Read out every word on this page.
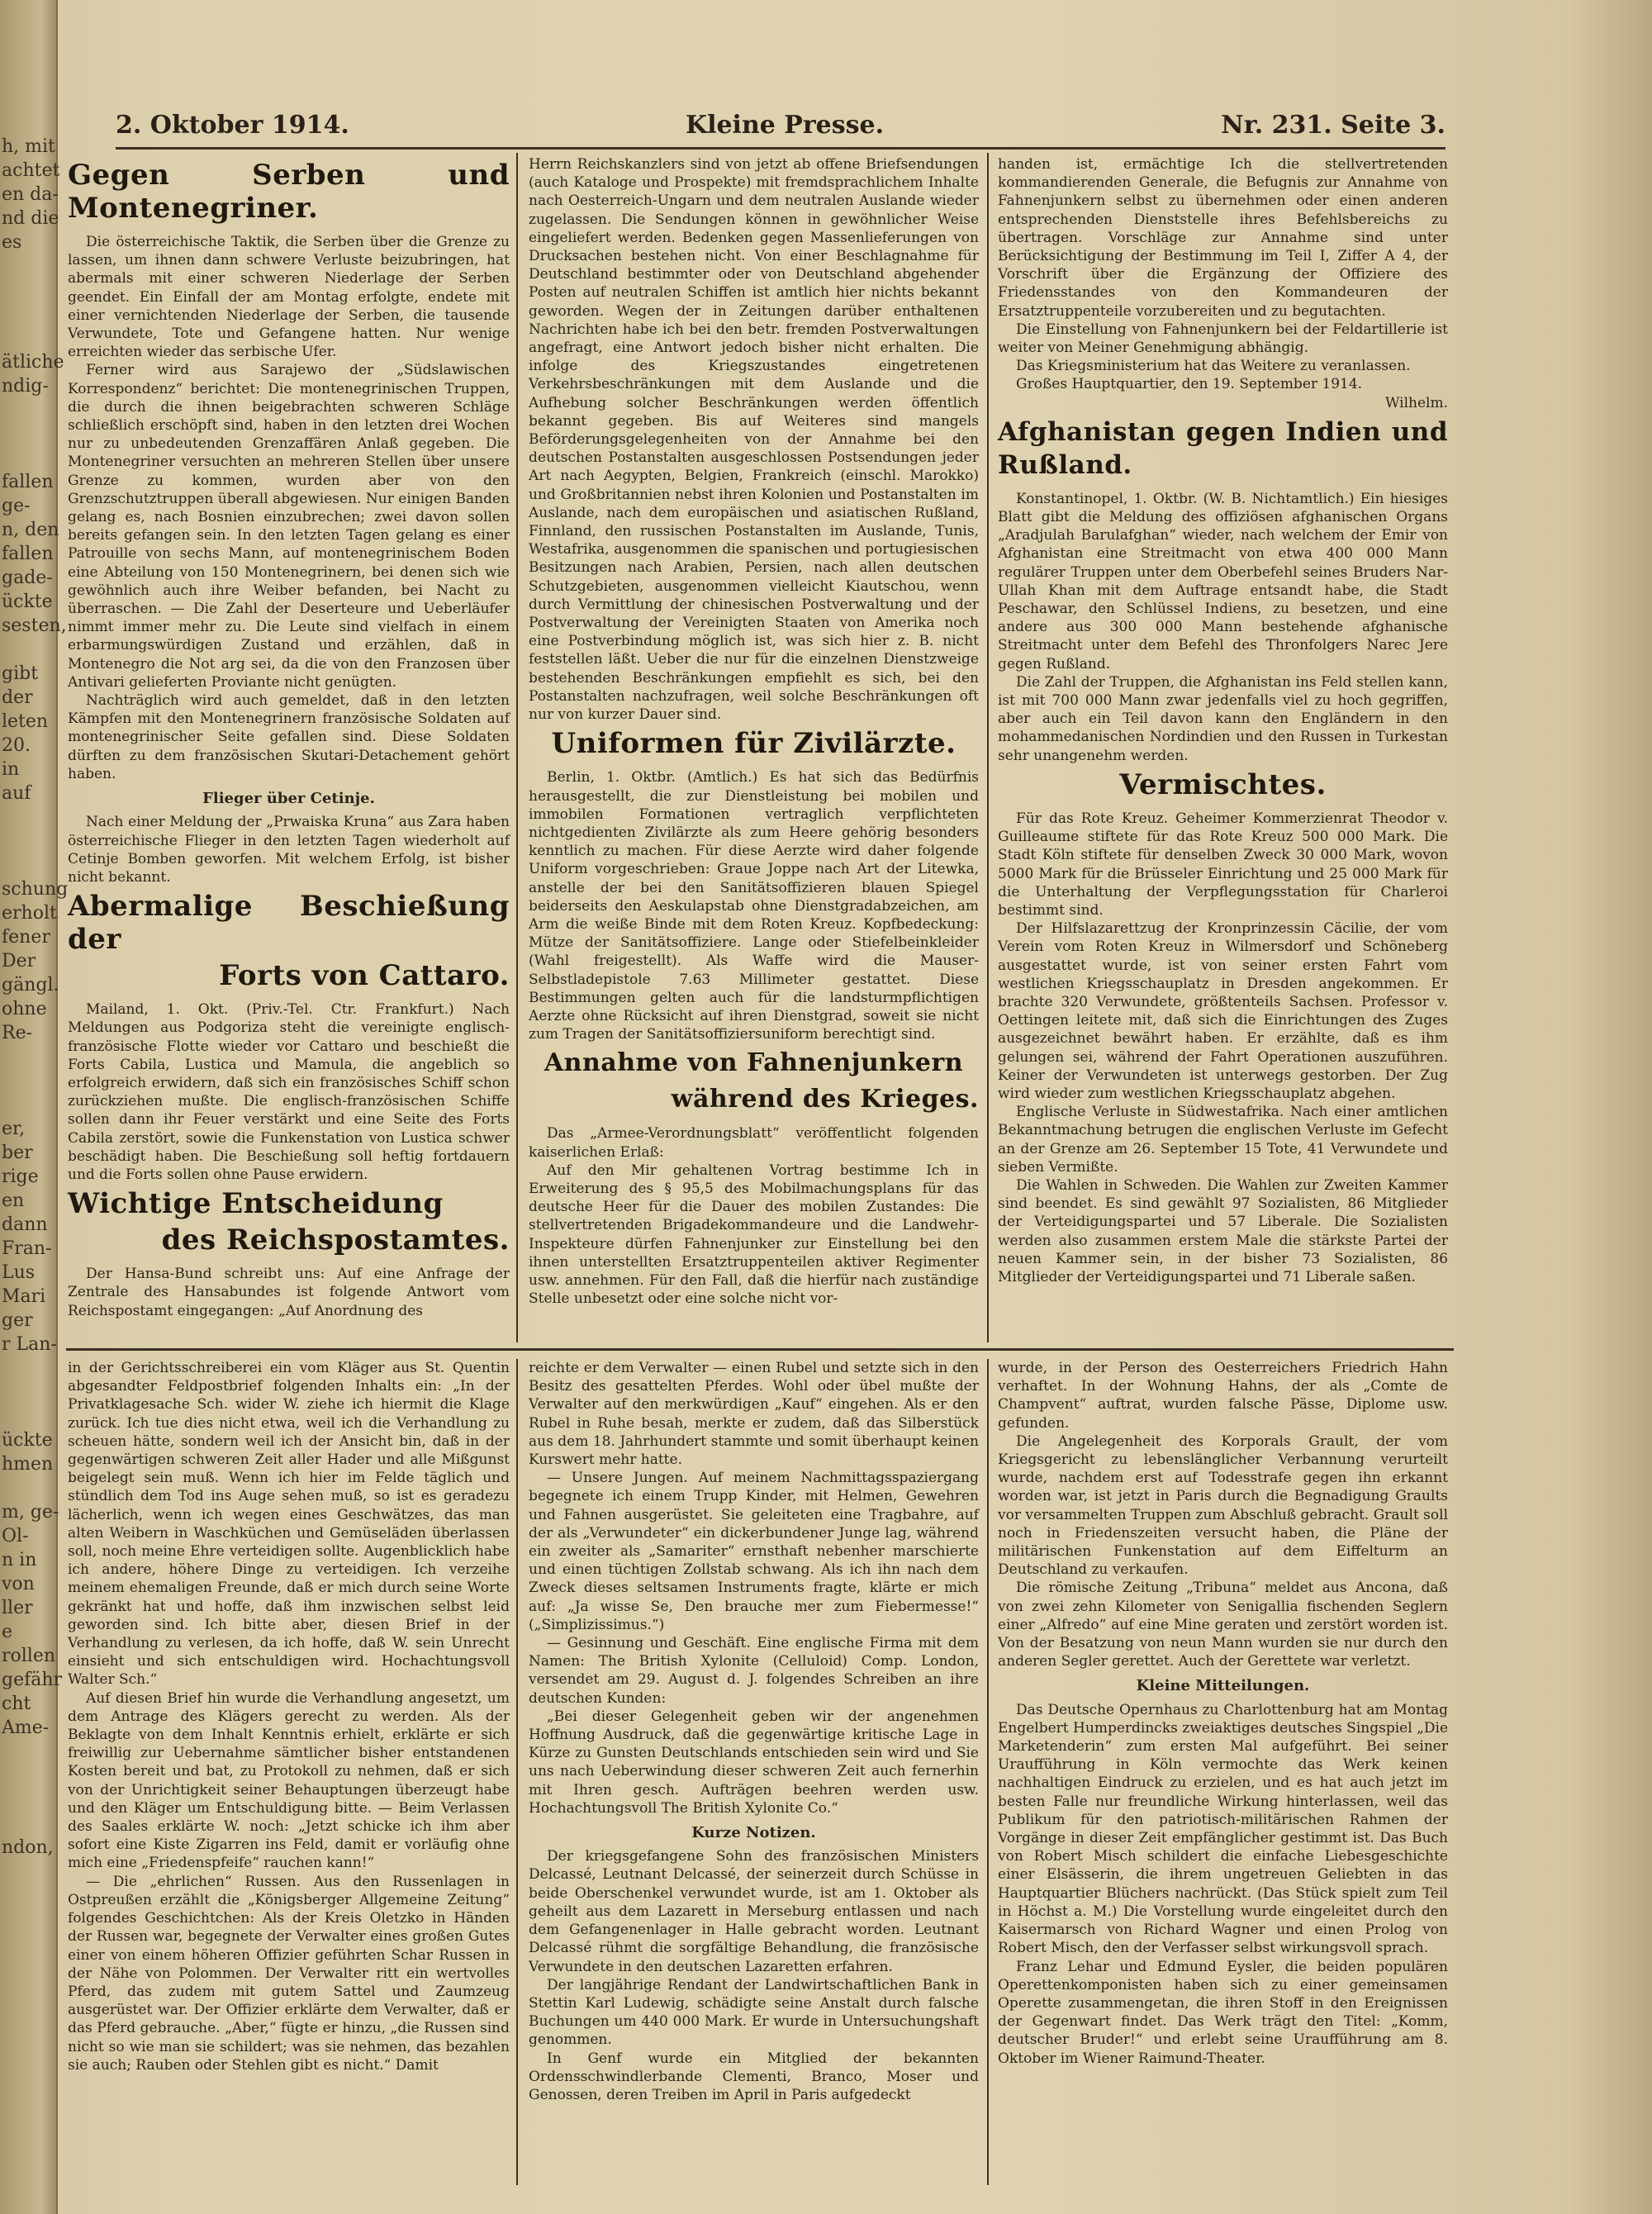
h, mit
achtet
en da-
nd die
es
ätliche
ndig-
fallen
ge-
n, den
fallen
gade-
ückte
sesten,
gibt
der
leten
20.
in
auf
schung
erholt
fener
Der
gängl.
ohne
Re-
er,
ber
rige
en
dann
Fran-
Lus
Mari
ger
r Lan-
ückte
hmen
m, ge-
Ol-
n in
von
ller
e
rollen
gefähr
cht
Ame-
ndon,
2. Oktober 1914.	Kleine Presse.	Nr. 231. Seite 3.
Gegen Serben und Montenegriner.

Die österreichische Taktik, die Serben über die Grenze zu lassen, um ihnen dann schwere Verluste beizubringen, hat abermals mit einer schweren Niederlage der Serben geendet. Ein Einfall der am Montag erfolgte, endete mit einer vernichtenden Niederlage der Serben, die tausende Verwundete, Tote und Gefangene hatten. Nur wenige erreichten wieder das serbische Ufer.

Ferner wird aus Sarajewo der „Südslawischen Korrespondenz“ berichtet: Die montenegrinischen Truppen, die durch die ihnen beigebrachten schweren Schläge schließlich erschöpft sind, haben in den letzten drei Wochen nur zu unbedeutenden Grenzaffären Anlaß gegeben. Die Montenegriner versuchten an mehreren Stellen über unsere Grenze zu kommen, wurden aber von den Grenzschutztruppen überall abgewiesen. Nur einigen Banden gelang es, nach Bosnien einzubrechen; zwei davon sollen bereits gefangen sein. In den letzten Tagen gelang es einer Patrouille von sechs Mann, auf montenegrinischem Boden eine Abteilung von 150 Montenegrinern, bei denen sich wie gewöhnlich auch ihre Weiber befanden, bei Nacht zu überraschen. — Die Zahl der Deserteure und Ueberläufer nimmt immer mehr zu. Die Leute sind vielfach in einem erbarmungswürdigen Zustand und erzählen, daß in Montenegro die Not arg sei, da die von den Franzosen über Antivari gelieferten Proviante nicht genügten.

Nachträglich wird auch gemeldet, daß in den letzten Kämpfen mit den Montenegrinern französische Soldaten auf montenegrinischer Seite gefallen sind. Diese Soldaten dürften zu dem französischen Skutari-Detachement gehört haben.

Flieger über Cetinje.

Nach einer Meldung der „Prwaiska Kruna“ aus Zara haben österreichische Flieger in den letzten Tagen wiederholt auf Cetinje Bomben geworfen. Mit welchem Erfolg, ist bisher nicht bekannt.

Abermalige Beschießung der
Forts von Cattaro.

Mailand, 1. Okt. (Priv.-Tel. Ctr. Frankfurt.) Nach Meldungen aus Podgoriza steht die vereinigte englisch-französische Flotte wieder vor Cattaro und beschießt die Forts Cabila, Lustica und Mamula, die angeblich so erfolgreich erwidern, daß sich ein französisches Schiff schon zurückziehen mußte. Die englisch-französischen Schiffe sollen dann ihr Feuer verstärkt und eine Seite des Forts Cabila zerstört, sowie die Funkenstation von Lustica schwer beschädigt haben. Die Beschießung soll heftig fortdauern und die Forts sollen ohne Pause erwidern.

Wichtige Entscheidung
des Reichspostamtes.

Der Hansa-Bund schreibt uns: Auf eine Anfrage der Zentrale des Hansabundes ist folgende Antwort vom Reichspostamt eingegangen: „Auf Anordnung des

Herrn Reichskanzlers sind von jetzt ab offene Briefsendungen (auch Kataloge und Prospekte) mit fremdsprachlichem Inhalte nach Oesterreich-Ungarn und dem neutralen Auslande wieder zugelassen. Die Sendungen können in gewöhnlicher Weise eingeliefert werden. Bedenken gegen Massenlieferungen von Drucksachen bestehen nicht. Von einer Beschlagnahme für Deutschland bestimmter oder von Deutschland abgehender Posten auf neutralen Schiffen ist amtlich hier nichts bekannt geworden. Wegen der in Zeitungen darüber enthaltenen Nachrichten habe ich bei den betr. fremden Postverwaltungen angefragt, eine Antwort jedoch bisher nicht erhalten. Die infolge des Kriegszustandes eingetretenen Verkehrsbeschränkungen mit dem Auslande und die Aufhebung solcher Beschränkungen werden öffentlich bekannt gegeben. Bis auf Weiteres sind mangels Beförderungsgelegenheiten von der Annahme bei den deutschen Postanstalten ausgeschlossen Postsendungen jeder Art nach Aegypten, Belgien, Frankreich (einschl. Marokko) und Großbritannien nebst ihren Kolonien und Postanstalten im Auslande, nach dem europäischen und asiatischen Rußland, Finnland, den russischen Postanstalten im Auslande, Tunis, Westafrika, ausgenommen die spanischen und portugiesischen Besitzungen nach Arabien, Persien, nach allen deutschen Schutzgebieten, ausgenommen vielleicht Kiautschou, wenn durch Vermittlung der chinesischen Postverwaltung und der Postverwaltung der Vereinigten Staaten von Amerika noch eine Postverbindung möglich ist, was sich hier z. B. nicht feststellen läßt. Ueber die nur für die einzelnen Dienstzweige bestehenden Beschränkungen empfiehlt es sich, bei den Postanstalten nachzufragen, weil solche Beschränkungen oft nur von kurzer Dauer sind.

Uniformen für Zivilärzte.

Berlin, 1. Oktbr. (Amtlich.) Es hat sich das Bedürfnis herausgestellt, die zur Dienstleistung bei mobilen und immobilen Formationen vertraglich verpflichteten nichtgedienten Zivilärzte als zum Heere gehörig besonders kenntlich zu machen. Für diese Aerzte wird daher folgende Uniform vorgeschrieben: Graue Joppe nach Art der Litewka, anstelle der bei den Sanitätsoffizieren blauen Spiegel beiderseits den Aeskulapstab ohne Dienstgradabzeichen, am Arm die weiße Binde mit dem Roten Kreuz. Kopfbedeckung: Mütze der Sanitätsoffiziere. Lange oder Stiefelbeinkleider (Wahl freigestellt). Als Waffe wird die Mauser-Selbstladepistole 7.63 Millimeter gestattet. Diese Bestimmungen gelten auch für die landsturmpflichtigen Aerzte ohne Rücksicht auf ihren Dienstgrad, soweit sie nicht zum Tragen der Sanitätsoffiziersuniform berechtigt sind.

Annahme von Fahnenjunkern
während des Krieges.

Das „Armee-Verordnungsblatt“ veröffentlicht folgenden kaiserlichen Erlaß:

Auf den Mir gehaltenen Vortrag bestimme Ich in Erweiterung des § 95,5 des Mobilmachungsplans für das deutsche Heer für die Dauer des mobilen Zustandes: Die stellvertretenden Brigadekommandeure und die Landwehr-Inspekteure dürfen Fahnenjunker zur Einstellung bei den ihnen unterstellten Ersatztruppenteilen aktiver Regimenter usw. annehmen. Für den Fall, daß die hierfür nach zuständige Stelle unbesetzt oder eine solche nicht vor-

handen ist, ermächtige Ich die stellvertretenden kommandierenden Generale, die Befugnis zur Annahme von Fahnenjunkern selbst zu übernehmen oder einen anderen entsprechenden Dienststelle ihres Befehlsbereichs zu übertragen. Vorschläge zur Annahme sind unter Berücksichtigung der Bestimmung im Teil I, Ziffer A 4, der Vorschrift über die Ergänzung der Offiziere des Friedensstandes von den Kommandeuren der Ersatztruppenteile vorzubereiten und zu begutachten.

Die Einstellung von Fahnenjunkern bei der Feldartillerie ist weiter von Meiner Genehmigung abhängig.

Das Kriegsministerium hat das Weitere zu veranlassen.

Großes Hauptquartier, den 19. September 1914.

Wilhelm.
Afghanistan gegen Indien und Rußland.

Konstantinopel, 1. Oktbr. (W. B. Nichtamtlich.) Ein hiesiges Blatt gibt die Meldung des offiziösen afghanischen Organs „Aradjulah Barulafghan“ wieder, nach welchem der Emir von Afghanistan eine Streitmacht von etwa 400 000 Mann regulärer Truppen unter dem Oberbefehl seines Bruders Nar-Ullah Khan mit dem Auftrage entsandt habe, die Stadt Peschawar, den Schlüssel Indiens, zu besetzen, und eine andere aus 300 000 Mann bestehende afghanische Streitmacht unter dem Befehl des Thronfolgers Narec Jere gegen Rußland.

Die Zahl der Truppen, die Afghanistan ins Feld stellen kann, ist mit 700 000 Mann zwar jedenfalls viel zu hoch gegriffen, aber auch ein Teil davon kann den Engländern in den mohammedanischen Nordindien und den Russen in Turkestan sehr unangenehm werden.

Vermischtes.

Für das Rote Kreuz. Geheimer Kommerzienrat Theodor v. Guilleaume stiftete für das Rote Kreuz 500 000 Mark. Die Stadt Köln stiftete für denselben Zweck 30 000 Mark, wovon 5000 Mark für die Brüsseler Einrichtung und 25 000 Mark für die Unterhaltung der Verpflegungsstation für Charleroi bestimmt sind.

Der Hilfslazarettzug der Kronprinzessin Cäcilie, der vom Verein vom Roten Kreuz in Wilmersdorf und Schöneberg ausgestattet wurde, ist von seiner ersten Fahrt vom westlichen Kriegsschauplatz in Dresden angekommen. Er brachte 320 Verwundete, größtenteils Sachsen. Professor v. Oettingen leitete mit, daß sich die Einrichtungen des Zuges ausgezeichnet bewährt haben. Er erzählte, daß es ihm gelungen sei, während der Fahrt Operationen auszuführen. Keiner der Verwundeten ist unterwegs gestorben. Der Zug wird wieder zum westlichen Kriegsschauplatz abgehen.

Englische Verluste in Südwestafrika. Nach einer amtlichen Bekanntmachung betrugen die englischen Verluste im Gefecht an der Grenze am 26. September 15 Tote, 41 Verwundete und sieben Vermißte.

Die Wahlen in Schweden. Die Wahlen zur Zweiten Kammer sind beendet. Es sind gewählt 97 Sozialisten, 86 Mitglieder der Verteidigungspartei und 57 Liberale. Die Sozialisten werden also zusammen erstem Male die stärkste Partei der neuen Kammer sein, in der bisher 73 Sozialisten, 86 Mitglieder der Verteidigungspartei und 71 Liberale saßen.

in der Gerichtsschreiberei ein vom Kläger aus St. Quentin abgesandter Feldpostbrief folgenden Inhalts ein: „In der Privatklagesache Sch. wider W. ziehe ich hiermit die Klage zurück. Ich tue dies nicht etwa, weil ich die Verhandlung zu scheuen hätte, sondern weil ich der Ansicht bin, daß in der gegenwärtigen schweren Zeit aller Hader und alle Mißgunst beigelegt sein muß. Wenn ich hier im Felde täglich und stündlich dem Tod ins Auge sehen muß, so ist es geradezu lächerlich, wenn ich wegen eines Geschwätzes, das man alten Weibern in Waschküchen und Gemüseläden überlassen soll, noch meine Ehre verteidigen sollte. Augenblicklich habe ich andere, höhere Dinge zu verteidigen. Ich verzeihe meinem ehemaligen Freunde, daß er mich durch seine Worte gekränkt hat und hoffe, daß ihm inzwischen selbst leid geworden sind. Ich bitte aber, diesen Brief in der Verhandlung zu verlesen, da ich hoffe, daß W. sein Unrecht einsieht und sich entschuldigen wird. Hochachtungsvoll Walter Sch.“

Auf diesen Brief hin wurde die Verhandlung angesetzt, um dem Antrage des Klägers gerecht zu werden. Als der Beklagte von dem Inhalt Kenntnis erhielt, erklärte er sich freiwillig zur Uebernahme sämtlicher bisher entstandenen Kosten bereit und bat, zu Protokoll zu nehmen, daß er sich von der Unrichtigkeit seiner Behauptungen überzeugt habe und den Kläger um Entschuldigung bitte. — Beim Verlassen des Saales erklärte W. noch: „Jetzt schicke ich ihm aber sofort eine Kiste Zigarren ins Feld, damit er vorläufig ohne mich eine „Friedenspfeife“ rauchen kann!“

— Die „ehrlichen“ Russen. Aus den Russenlagen in Ostpreußen erzählt die „Königsberger Allgemeine Zeitung“ folgendes Geschichtchen: Als der Kreis Oletzko in Händen der Russen war, begegnete der Verwalter eines großen Gutes einer von einem höheren Offizier geführten Schar Russen in der Nähe von Polommen. Der Verwalter ritt ein wertvolles Pferd, das zudem mit gutem Sattel und Zaumzeug ausgerüstet war. Der Offizier erklärte dem Verwalter, daß er das Pferd gebrauche. „Aber,“ fügte er hinzu, „die Russen sind nicht so wie man sie schildert; was sie nehmen, das bezahlen sie auch; Rauben oder Stehlen gibt es nicht.“ Damit

reichte er dem Verwalter — einen Rubel und setzte sich in den Besitz des gesattelten Pferdes. Wohl oder übel mußte der Verwalter auf den merkwürdigen „Kauf“ eingehen. Als er den Rubel in Ruhe besah, merkte er zudem, daß das Silberstück aus dem 18. Jahrhundert stammte und somit überhaupt keinen Kurswert mehr hatte.

— Unsere Jungen. Auf meinem Nachmittagsspaziergang begegnete ich einem Trupp Kinder, mit Helmen, Gewehren und Fahnen ausgerüstet. Sie geleiteten eine Tragbahre, auf der als „Verwundeter“ ein dickerbundener Junge lag, während ein zweiter als „Samariter“ ernsthaft nebenher marschierte und einen tüchtigen Zollstab schwang. Als ich ihn nach dem Zweck dieses seltsamen Instruments fragte, klärte er mich auf: „Ja wisse Se, Den brauche mer zum Fiebermesse!“ („Simplizissimus.“)

— Gesinnung und Geschäft. Eine englische Firma mit dem Namen: The British Xylonite (Celluloid) Comp. London, versendet am 29. August d. J. folgendes Schreiben an ihre deutschen Kunden:

„Bei dieser Gelegenheit geben wir der angenehmen Hoffnung Ausdruck, daß die gegenwärtige kritische Lage in Kürze zu Gunsten Deutschlands entschieden sein wird und Sie uns nach Ueberwindung dieser schweren Zeit auch fernerhin mit Ihren gesch. Aufträgen beehren werden usw. Hochachtungsvoll The British Xylonite Co.“

Kurze Notizen.

Der kriegsgefangene Sohn des französischen Ministers Delcassé, Leutnant Delcassé, der seinerzeit durch Schüsse in beide Oberschenkel verwundet wurde, ist am 1. Oktober als geheilt aus dem Lazarett in Merseburg entlassen und nach dem Gefangenenlager in Halle gebracht worden. Leutnant Delcassé rühmt die sorgfältige Behandlung, die französische Verwundete in den deutschen Lazaretten erfahren.

Der langjährige Rendant der Landwirtschaftlichen Bank in Stettin Karl Ludewig, schädigte seine Anstalt durch falsche Buchungen um 440 000 Mark. Er wurde in Untersuchungshaft genommen.

In Genf wurde ein Mitglied der bekannten Ordensschwindlerbande Clementi, Branco, Moser und Genossen, deren Treiben im April in Paris aufgedeckt

wurde, in der Person des Oesterreichers Friedrich Hahn verhaftet. In der Wohnung Hahns, der als „Comte de Champvent“ auftrat, wurden falsche Pässe, Diplome usw. gefunden.

Die Angelegenheit des Korporals Grault, der vom Kriegsgericht zu lebenslänglicher Verbannung verurteilt wurde, nachdem erst auf Todesstrafe gegen ihn erkannt worden war, ist jetzt in Paris durch die Begnadigung Graults vor versammelten Truppen zum Abschluß gebracht. Grault soll noch in Friedenszeiten versucht haben, die Pläne der militärischen Funkenstation auf dem Eiffelturm an Deutschland zu verkaufen.

Die römische Zeitung „Tribuna“ meldet aus Ancona, daß von zwei zehn Kilometer von Senigallia fischenden Seglern einer „Alfredo“ auf eine Mine geraten und zerstört worden ist. Von der Besatzung von neun Mann wurden sie nur durch den anderen Segler gerettet. Auch der Gerettete war verletzt.

Kleine Mitteilungen.

Das Deutsche Opernhaus zu Charlottenburg hat am Montag Engelbert Humperdincks zweiaktiges deutsches Singspiel „Die Marketenderin“ zum ersten Mal aufgeführt. Bei seiner Uraufführung in Köln vermochte das Werk keinen nachhaltigen Eindruck zu erzielen, und es hat auch jetzt im besten Falle nur freundliche Wirkung hinterlassen, weil das Publikum für den patriotisch-militärischen Rahmen der Vorgänge in dieser Zeit empfänglicher gestimmt ist. Das Buch von Robert Misch schildert die einfache Liebesgeschichte einer Elsässerin, die ihrem ungetreuen Geliebten in das Hauptquartier Blüchers nachrückt. (Das Stück spielt zum Teil in Höchst a. M.) Die Vorstellung wurde eingeleitet durch den Kaisermarsch von Richard Wagner und einen Prolog von Robert Misch, den der Verfasser selbst wirkungsvoll sprach.

Franz Lehar und Edmund Eysler, die beiden populären Operettenkomponisten haben sich zu einer gemeinsamen Operette zusammengetan, die ihren Stoff in den Ereignissen der Gegenwart findet. Das Werk trägt den Titel: „Komm, deutscher Bruder!“ und erlebt seine Uraufführung am 8. Oktober im Wiener Raimund-Theater.
